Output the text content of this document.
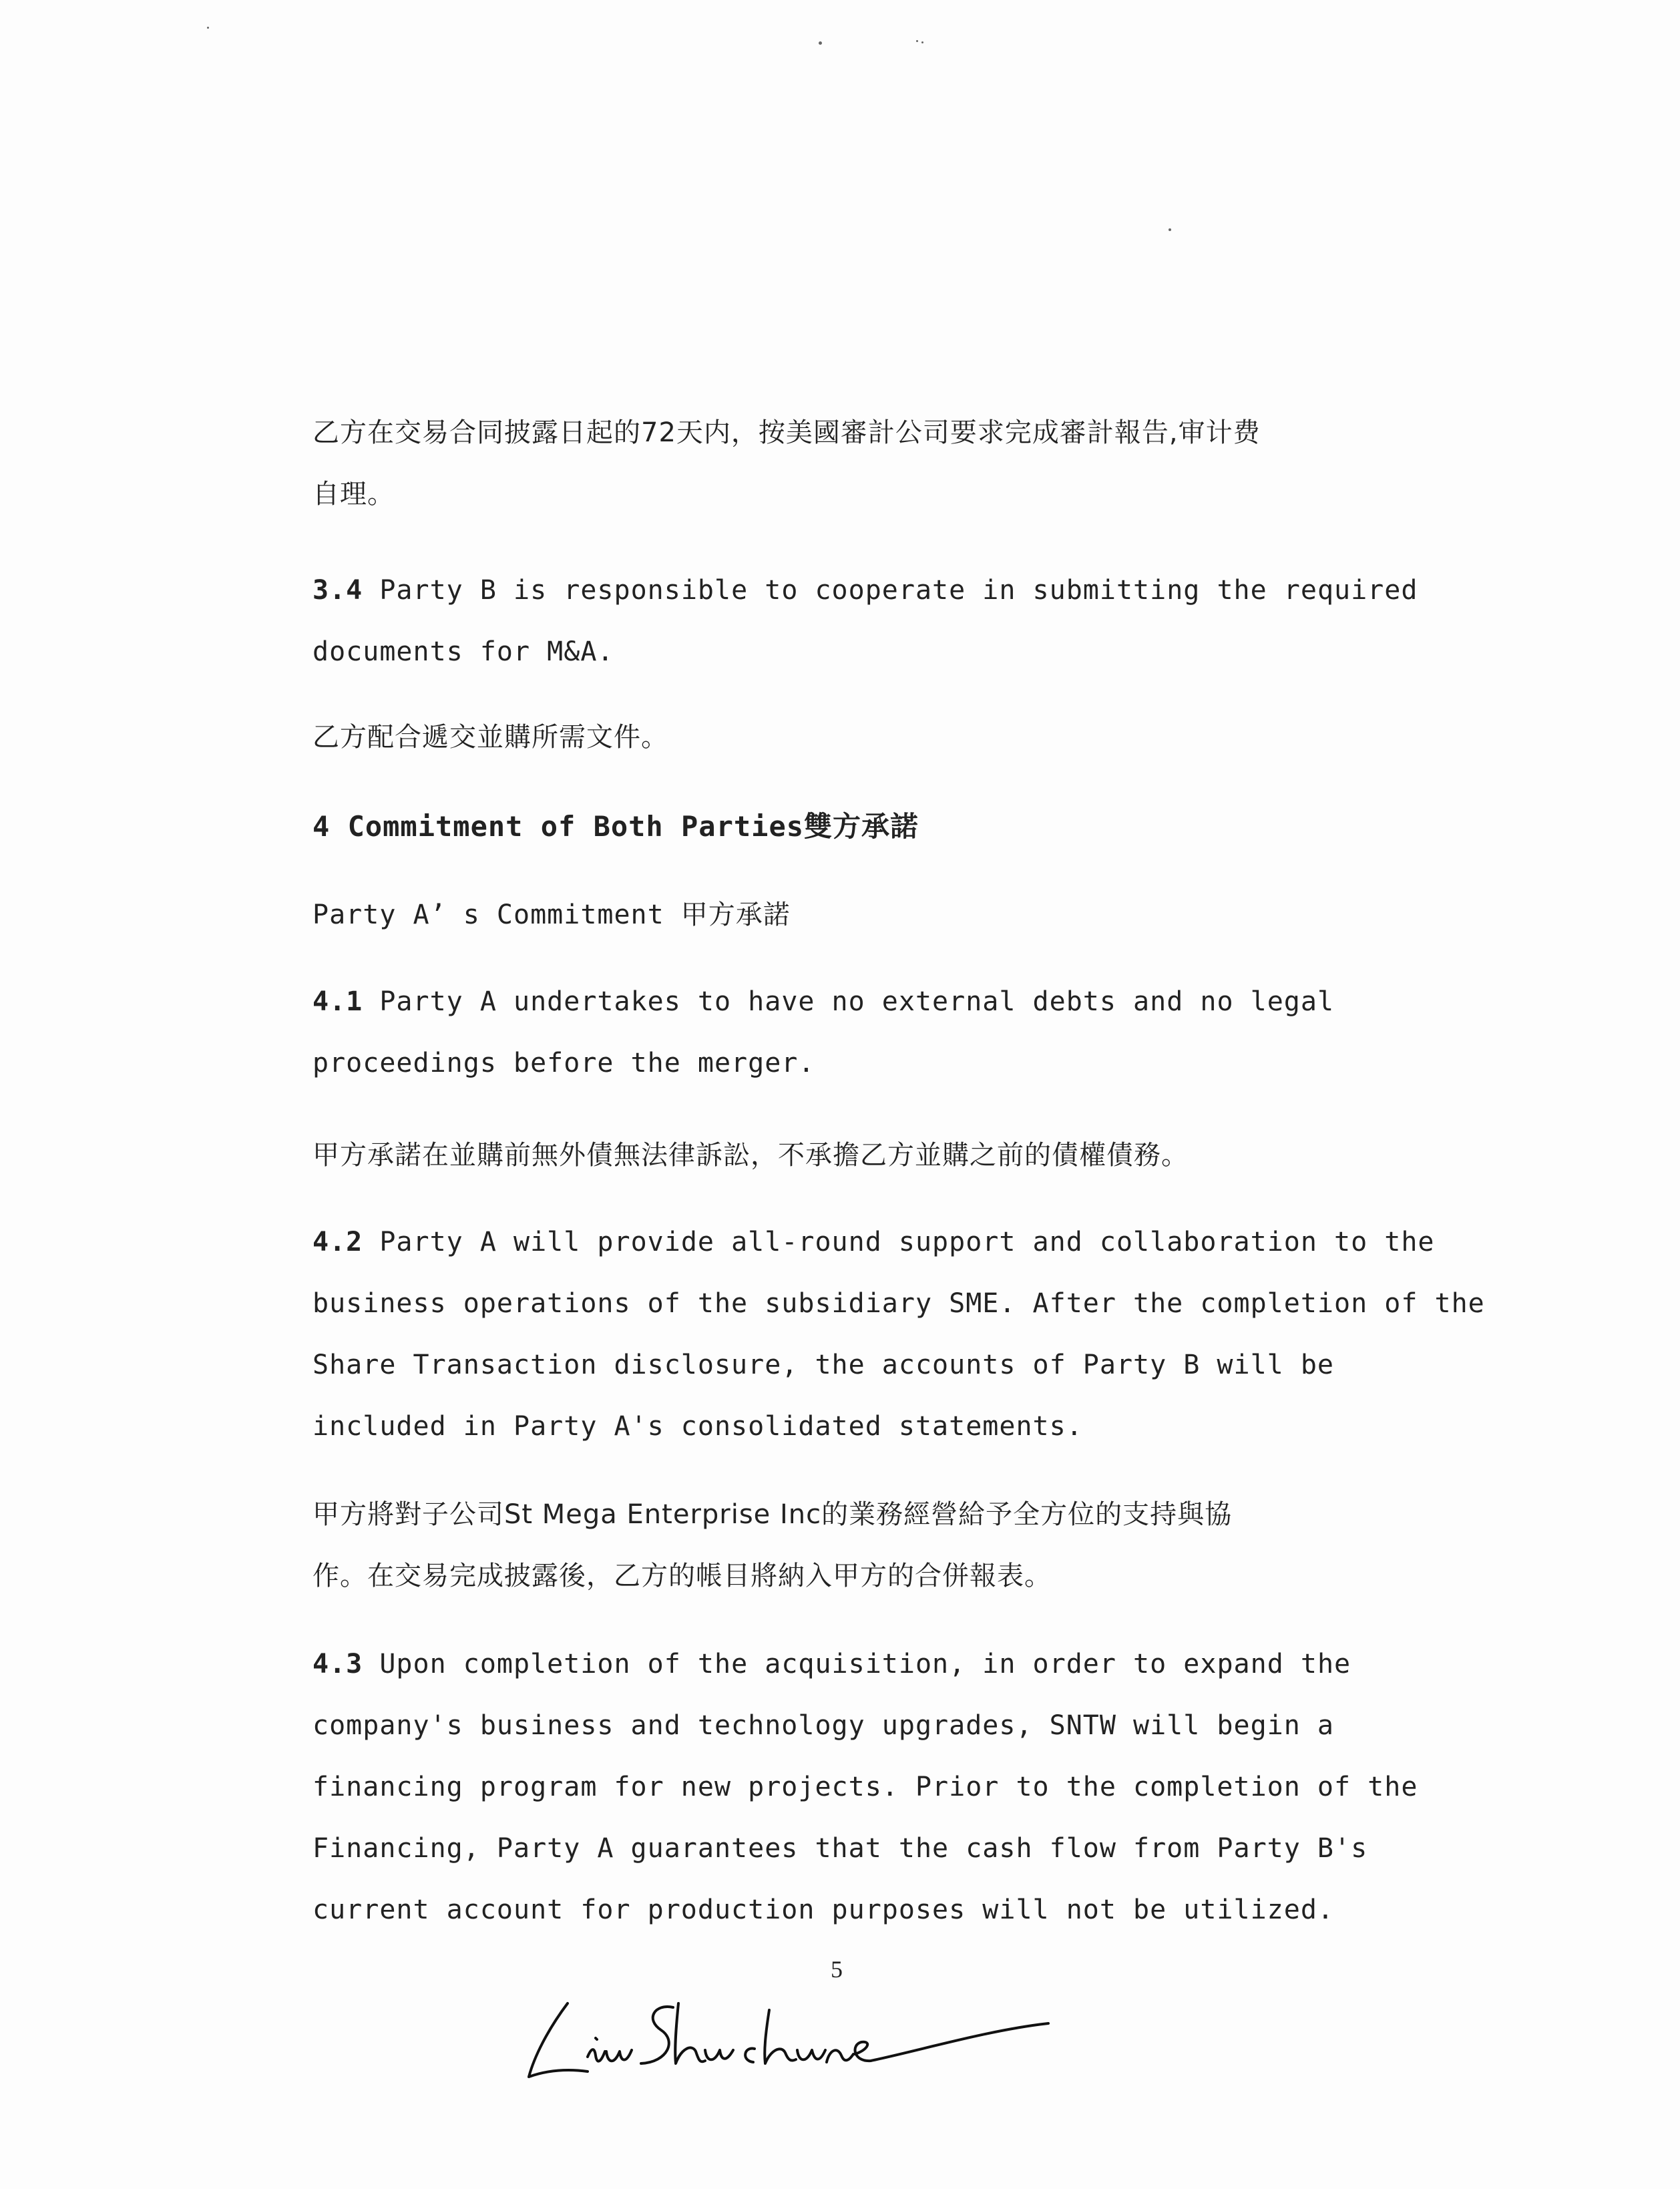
乙方在交易合同披露日起的72天内，按美國審計公司要求完成審計報告,审计费
自理。

3.4 Party B is responsible to cooperate in submitting the required
documents for M&A.

乙方配合遞交並購所需文件。

4 Commitment of Both Parties雙方承諾

Party A’ s Commitment 甲方承諾

4.1 Party A undertakes to have no external debts and no legal
proceedings before the merger.

甲方承諾在並購前無外債無法律訴訟，不承擔乙方並購之前的債權債務。

4.2 Party A will provide all-round support and collaboration to the
business operations of the subsidiary SME. After the completion of the
Share Transaction disclosure, the accounts of Party B will be
included in Party A's consolidated statements.

甲方將對子公司St Mega Enterprise Inc的業務經營給予全方位的支持與協
作。在交易完成披露後，乙方的帳目將納入甲方的合併報表。

4.3 Upon completion of the acquisition, in order to expand the
company's business and technology upgrades, SNTW will begin a
financing program for new projects. Prior to the completion of the
Financing, Party A guarantees that the cash flow from Party B's
current account for production purposes will not be utilized.

5
